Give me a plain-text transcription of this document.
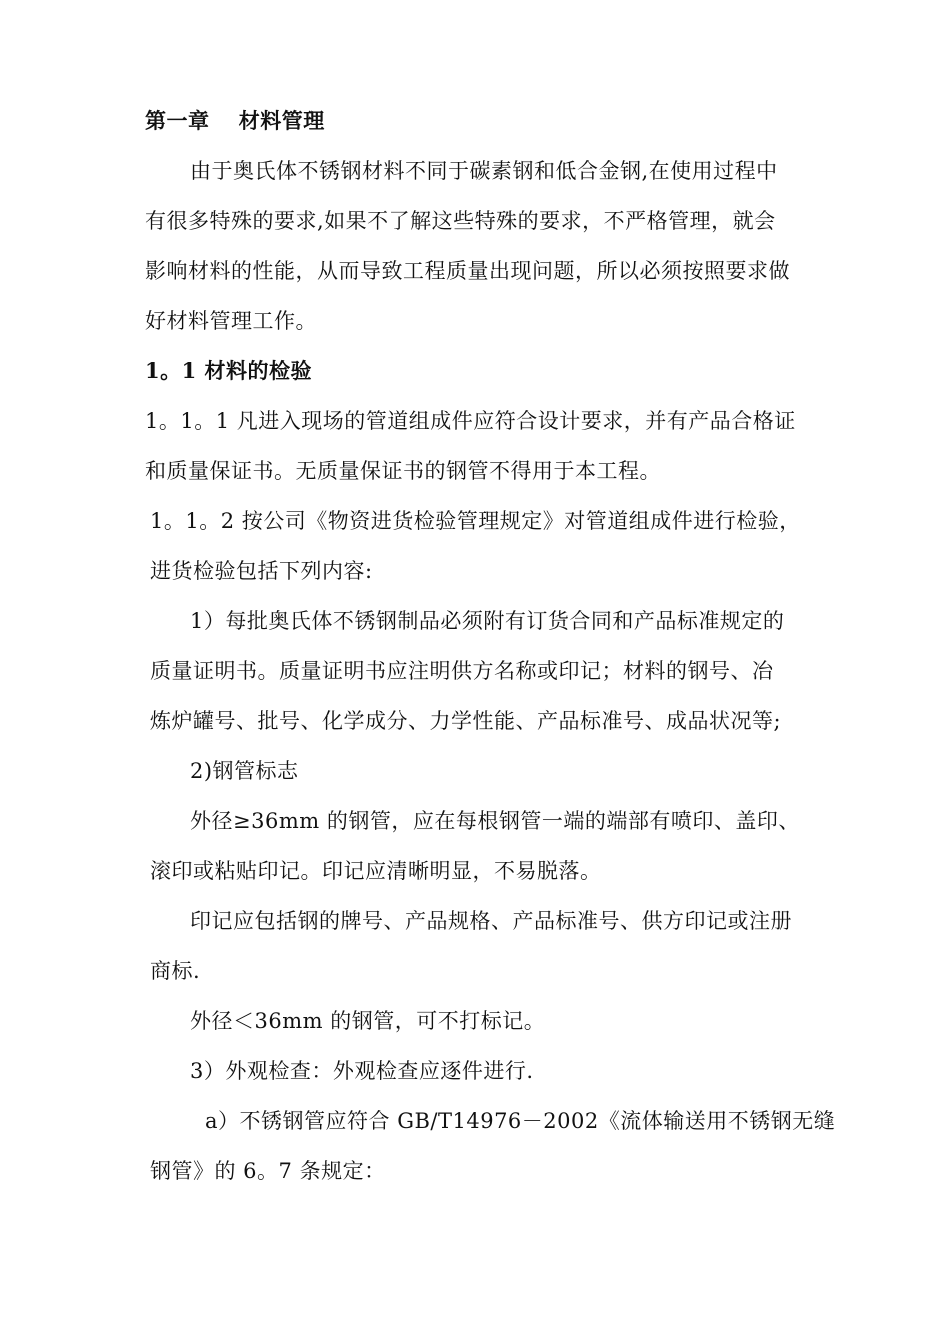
第一章　 材料管理
由于奥氏体不锈钢材料不同于碳素钢和低合金钢,在使用过程中
有很多特殊的要求,如果不了解这些特殊的要求，不严格管理，就会
影响材料的性能，从而导致工程质量出现问题，所以必须按照要求做
好材料管理工作。
1。1 材料的检验
1。1。1 凡进入现场的管道组成件应符合设计要求，并有产品合格证
和质量保证书。无质量保证书的钢管不得用于本工程。
1。1。2 按公司《物资进货检验管理规定》对管道组成件进行检验，
进货检验包括下列内容:
1）每批奥氏体不锈钢制品必须附有订货合同和产品标准规定的
质量证明书。质量证明书应注明供方名称或印记；材料的钢号、冶
炼炉罐号、批号、化学成分、力学性能、产品标准号、成品状况等;
2)钢管标志
外径≥36mm 的钢管，应在每根钢管一端的端部有喷印、盖印、
滚印或粘贴印记。印记应清晰明显，不易脱落。
印记应包括钢的牌号、产品规格、产品标准号、供方印记或注册
商标.
外径＜36mm 的钢管，可不打标记。
3）外观检查：外观检查应逐件进行.
a）不锈钢管应符合 GB/T14976－2002《流体输送用不锈钢无缝
钢管》的 6。7 条规定：
